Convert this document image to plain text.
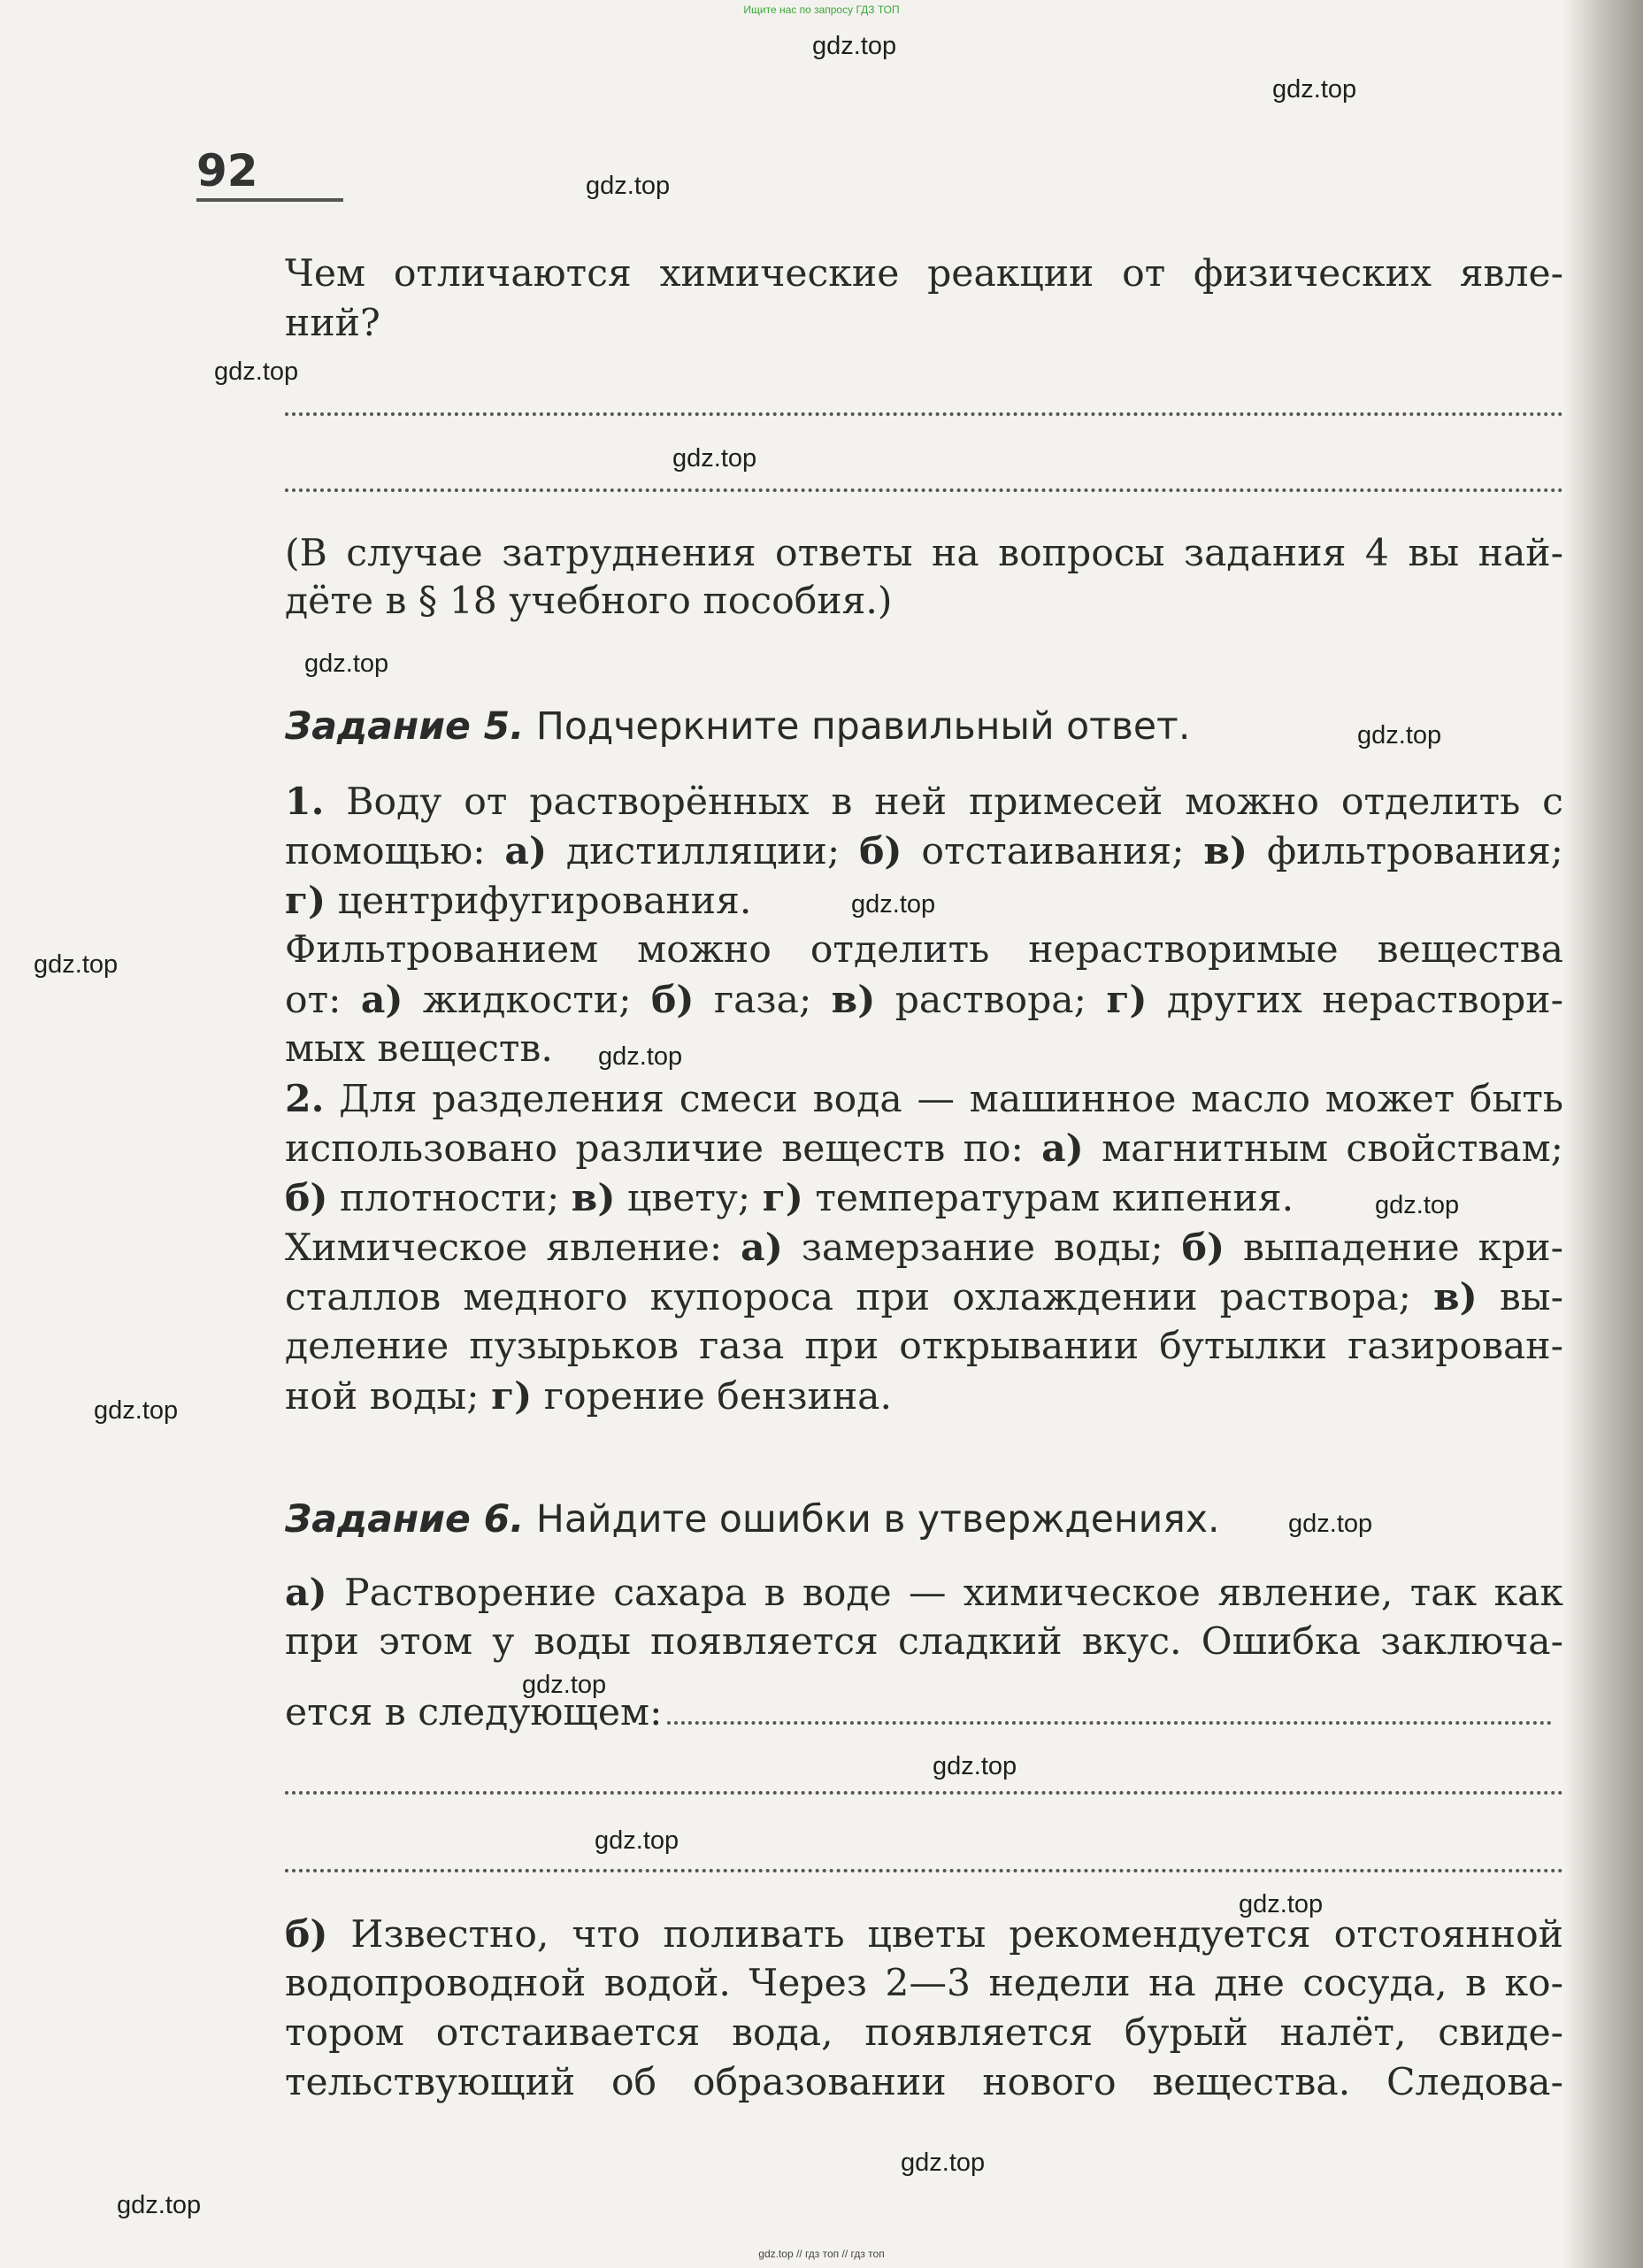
Ищите нас по запросу ГДЗ ТОП
92
gdz.top
gdz.top
gdz.top
gdz.top
gdz.top
gdz.top
gdz.top
gdz.top
gdz.top
gdz.top
gdz.top
gdz.top
gdz.top
gdz.top
gdz.top
gdz.top
gdz.top
gdz.top
gdz.top
Чем отличаются химические реакции от физических явле-
ний?
(В случае затруднения ответы на вопросы задания 4 вы най-
дёте в § 18 учебного пособия.)
Задание 5. Подчеркните правильный ответ.
1. Воду от растворённых в ней примесей можно отделить с
помощью: а) дистилляции; б) отстаивания; в) фильтрования;
г) центрифугирования.
Фильтрованием можно отделить нерастворимые вещества
от: а) жидкости; б) газа; в) раствора; г) других нераствори-
мых веществ.
2. Для разделения смеси вода — машинное масло может быть
использовано различие веществ по: а) магнитным свойствам;
б) плотности; в) цвету; г) температурам кипения.
Химическое явление: а) замерзание воды; б) выпадение кри-
сталлов медного купороса при охлаждении раствора; в) вы-
деление пузырьков газа при открывании бутылки газирован-
ной воды; г) горение бензина.
Задание 6. Найдите ошибки в утверждениях.
а) Растворение сахара в воде — химическое явление, так как
при этом у воды появляется сладкий вкус. Ошибка заключа-
ется в следующем:
б) Известно, что поливать цветы рекомендуется отстоянной
водопроводной водой. Через 2—3 недели на дне сосуда, в ко-
тором отстаивается вода, появляется бурый налёт, свиде-
тельствующий об образовании нового вещества. Следова-
gdz.top // гдз топ // гдз топ
